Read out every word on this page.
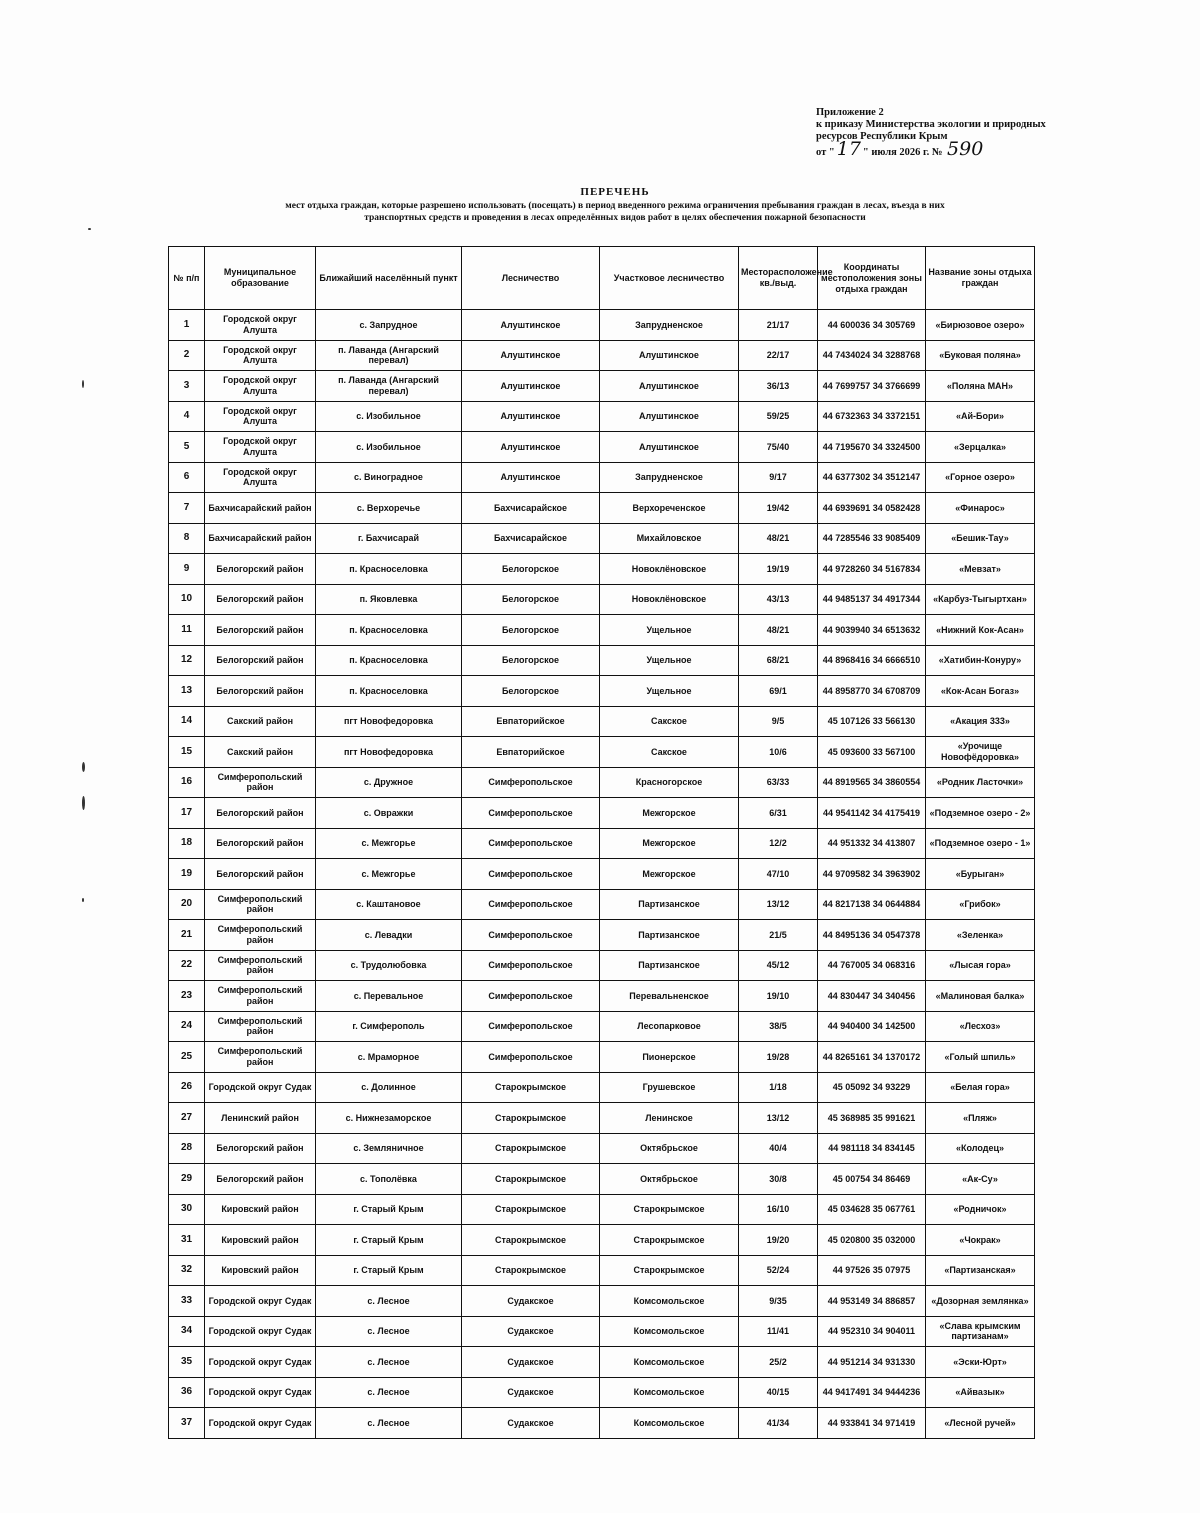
Приложение 2
к приказу Министерства экологии и природных
ресурсов Республики Крым
от " 17 " июля 2026 г. № 590
ПЕРЕЧЕНЬ

мест отдыха граждан, которые разрешено использовать (посещать) в период введенного режима ограничения пребывания граждан в лесах, въезда в них
транспортных средств и проведения в лесах определённых видов работ в целях обеспечения пожарной безопасности

№ п/п	Муниципальное образование	Ближайший населённый пункт	Лесничество	Участковое лесничество	Месторасположение кв./выд.	Координаты местоположения зоны отдыха граждан	Название зоны отдыха граждан
1	Городской округ Алушта	с. Запрудное	Алуштинское	Запрудненское	21/17	44 600036 34 305769	«Бирюзовое озеро»
2	Городской округ Алушта	п. Лаванда (Ангарский перевал)	Алуштинское	Алуштинское	22/17	44 7434024 34 3288768	«Буковая поляна»
3	Городской округ Алушта	п. Лаванда (Ангарский перевал)	Алуштинское	Алуштинское	36/13	44 7699757 34 3766699	«Поляна МАН»
4	Городской округ Алушта	с. Изобильное	Алуштинское	Алуштинское	59/25	44 6732363 34 3372151	«Ай-Бори»
5	Городской округ Алушта	с. Изобильное	Алуштинское	Алуштинское	75/40	44 7195670 34 3324500	«Зерцалка»
6	Городской округ Алушта	с. Виноградное	Алуштинское	Запрудненское	9/17	44 6377302 34 3512147	«Горное озеро»
7	Бахчисарайский район	с. Верхоречье	Бахчисарайское	Верхореченское	19/42	44 6939691 34 0582428	«Финарос»
8	Бахчисарайский район	г. Бахчисарай	Бахчисарайское	Михайловское	48/21	44 7285546 33 9085409	«Бешик-Тау»
9	Белогорский район	п. Красноселовка	Белогорское	Новоклёновское	19/19	44 9728260 34 5167834	«Мевзат»
10	Белогорский район	п. Яковлевка	Белогорское	Новоклёновское	43/13	44 9485137 34 4917344	«Карбуз-Тыгыртхан»
11	Белогорский район	п. Красноселовка	Белогорское	Ущельное	48/21	44 9039940 34 6513632	«Нижний Кок-Асан»
12	Белогорский район	п. Красноселовка	Белогорское	Ущельное	68/21	44 8968416 34 6666510	«Хатибин-Конуру»
13	Белогорский район	п. Красноселовка	Белогорское	Ущельное	69/1	44 8958770 34 6708709	«Кок-Асан Богаз»
14	Сакский район	пгт Новофедоровка	Евпаторийское	Сакское	9/5	45 107126 33 566130	«Акация 333»
15	Сакский район	пгт Новофедоровка	Евпаторийское	Сакское	10/6	45 093600 33 567100	«Урочище Новофёдоровка»
16	Симферопольский район	с. Дружное	Симферопольское	Красногорское	63/33	44 8919565 34 3860554	«Родник Ласточки»
17	Белогорский район	с. Овражки	Симферопольское	Межгорское	6/31	44 9541142 34 4175419	«Подземное озеро - 2»
18	Белогорский район	с. Межгорье	Симферопольское	Межгорское	12/2	44 951332 34 413807	«Подземное озеро - 1»
19	Белогорский район	с. Межгорье	Симферопольское	Межгорское	47/10	44 9709582 34 3963902	«Бурыган»
20	Симферопольский район	с. Каштановое	Симферопольское	Партизанское	13/12	44 8217138 34 0644884	«Грибок»
21	Симферопольский район	с. Левадки	Симферопольское	Партизанское	21/5	44 8495136 34 0547378	«Зеленка»
22	Симферопольский район	с. Трудолюбовка	Симферопольское	Партизанское	45/12	44 767005 34 068316	«Лысая гора»
23	Симферопольский район	с. Перевальное	Симферопольское	Перевальненское	19/10	44 830447 34 340456	«Малиновая балка»
24	Симферопольский район	г. Симферополь	Симферопольское	Лесопарковое	38/5	44 940400 34 142500	«Лесхоз»
25	Симферопольский район	с. Мраморное	Симферопольское	Пионерское	19/28	44 8265161 34 1370172	«Голый шпиль»
26	Городской округ Судак	с. Долинное	Старокрымское	Грушевское	1/18	45 05092 34 93229	«Белая гора»
27	Ленинский район	с. Нижнезаморское	Старокрымское	Ленинское	13/12	45 368985 35 991621	«Пляж»
28	Белогорский район	с. Земляничное	Старокрымское	Октябрьское	40/4	44 981118 34 834145	«Колодец»
29	Белогорский район	с. Тополёвка	Старокрымское	Октябрьское	30/8	45 00754 34 86469	«Ак-Су»
30	Кировский район	г. Старый Крым	Старокрымское	Старокрымское	16/10	45 034628 35 067761	«Родничок»
31	Кировский район	г. Старый Крым	Старокрымское	Старокрымское	19/20	45 020800 35 032000	«Чокрак»
32	Кировский район	г. Старый Крым	Старокрымское	Старокрымское	52/24	44 97526 35 07975	«Партизанская»
33	Городской округ Судак	с. Лесное	Судакское	Комсомольское	9/35	44 953149 34 886857	«Дозорная землянка»
34	Городской округ Судак	с. Лесное	Судакское	Комсомольское	11/41	44 952310 34 904011	«Слава крымским партизанам»
35	Городской округ Судак	с. Лесное	Судакское	Комсомольское	25/2	44 951214 34 931330	«Эски-Юрт»
36	Городской округ Судак	с. Лесное	Судакское	Комсомольское	40/15	44 9417491 34 9444236	«Айвазык»
37	Городской округ Судак	с. Лесное	Судакское	Комсомольское	41/34	44 933841 34 971419	«Лесной ручей»
